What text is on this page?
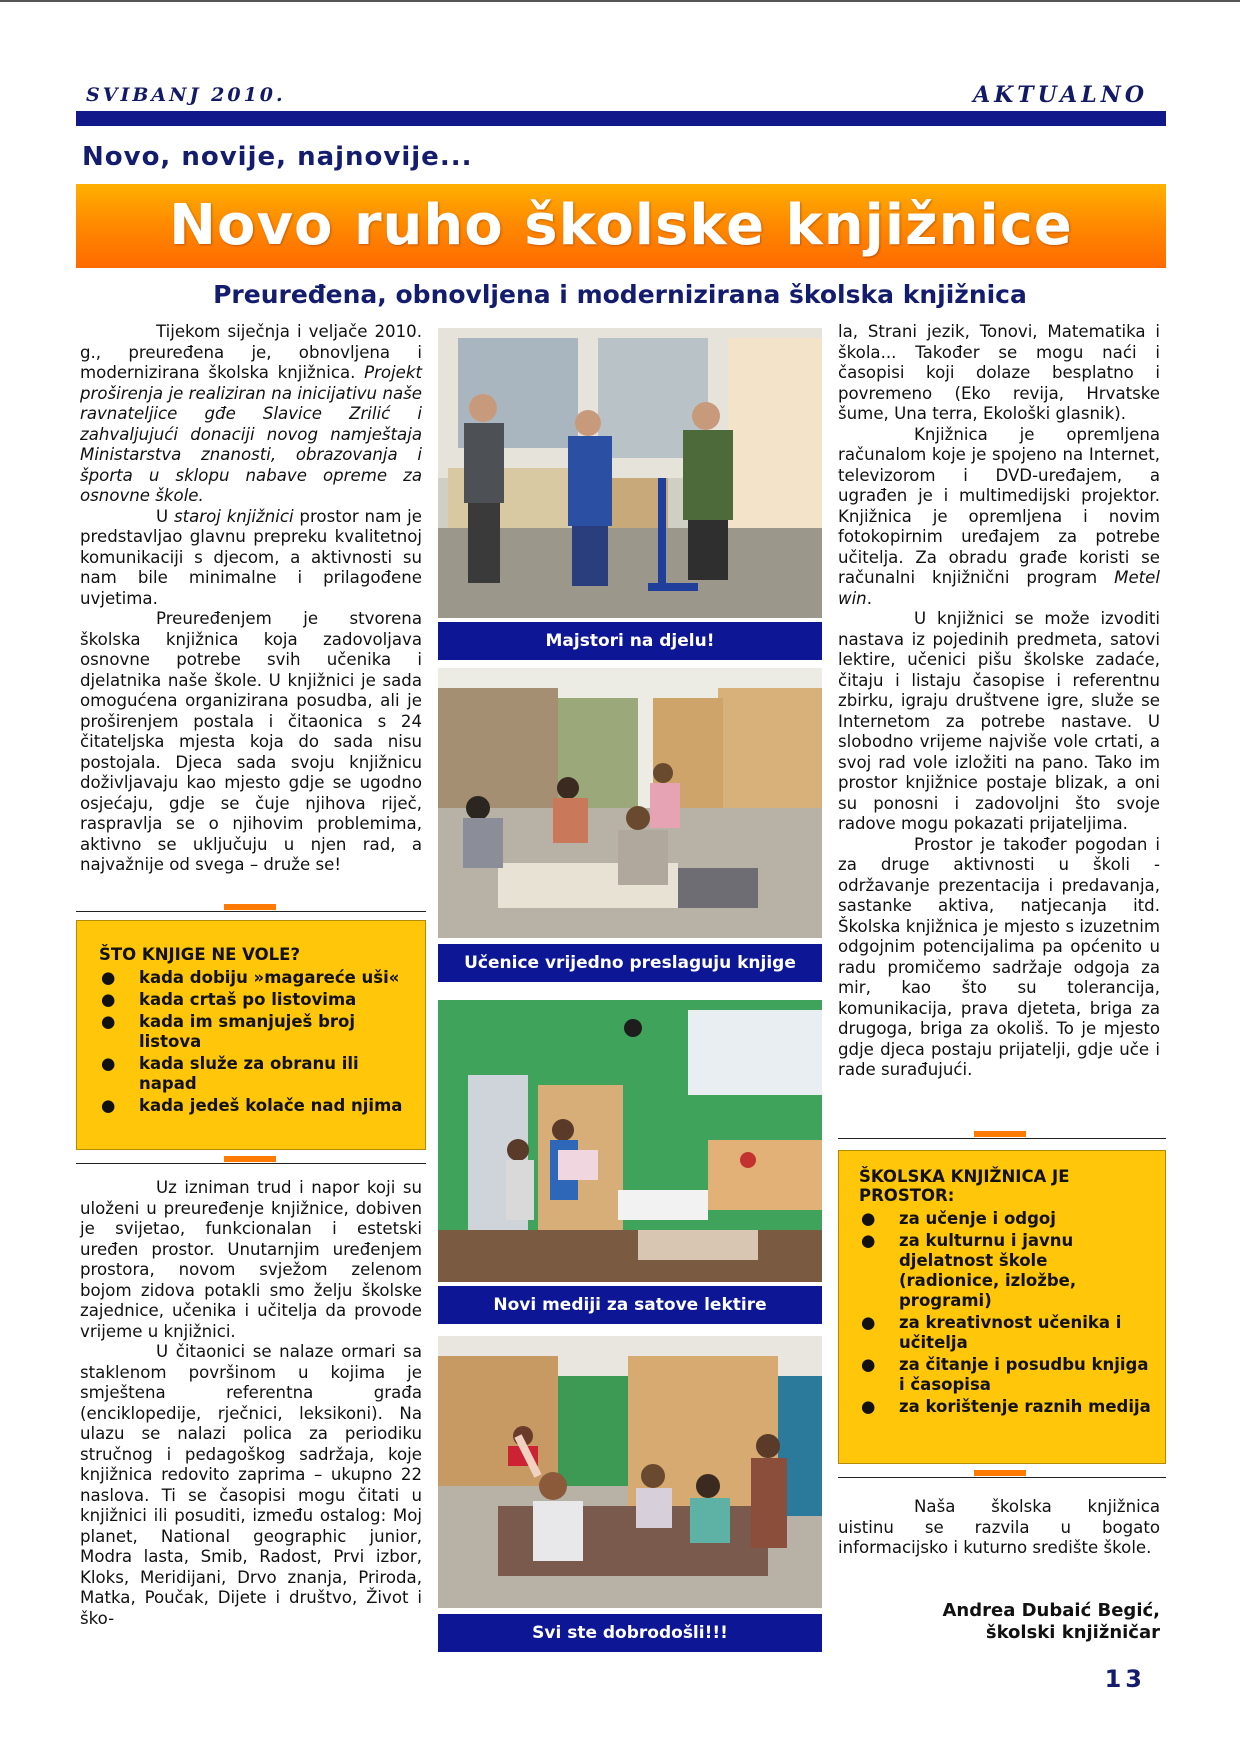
SVIBANJ 2010.	AKTUALNO
Novo, novije, najnovije...
Novo ruho školske knjižnice
Preuređena, obnovljena i modernizirana školska knjižnica

Tijekom siječnja i veljače 2010. g., preuređena je, obnovljena i modernizirana školska knjižnica. Projekt proširenja je realiziran na inicijativu naše ravnateljice gđe Slavice Zrilić i zahvaljujući donaciji novog namještaja Ministarstva znanosti, obrazovanja i športa u sklopu nabave opreme za osnovne škole.

U staroj knjižnici prostor nam je predstavljao glavnu prepreku kvalitetnoj komunikaciji s djecom, a aktivnosti su nam bile minimalne i prilagođene uvjetima.

Preuređenjem je stvorena školska knjižnica koja zadovoljava osnovne potrebe svih učenika i djelatnika naše škole. U knjižnici je sada omogućena organizirana posudba, ali je proširenjem postala i čitaonica s 24 čitateljska mjesta koja do sada nisu postojala. Djeca sada svoju knjižnicu doživljavaju kao mjesto gdje se ugodno osjećaju, gdje se čuje njihova riječ, raspravlja se o njihovim problemima, aktivno se uključuju u njen rad, a najvažnije od svega – druže se!

ŠTO KNJIGE NE VOLE?
● kada dobiju »magareće uši«
● kada crtaš po listovima
● kada im smanjuješ broj listova
● kada služe za obranu ili napad
● kada jedeš kolače nad njima

Uz izniman trud i napor koji su uloženi u preuređenje knjižnice, dobiven je svijetao, funkcionalan i estetski uređen prostor. Unutarnjim uređenjem prostora, novom svježom zelenom bojom zidova potakli smo želju školske zajednice, učenika i učitelja da provode vrijeme u knjižnici.

U čitaonici se nalaze ormari sa staklenom površinom u kojima je smještena referentna građa (enciklopedije, rječnici, leksikoni). Na ulazu se nalazi polica za periodiku stručnog i pedagoškog sadržaja, koje knjižnica redovito zaprima – ukupno 22 naslova. Ti se časopisi mogu čitati u knjižnici ili posuditi, između ostalog: Moj planet, National geographic junior, Modra lasta, Smib, Radost, Prvi izbor, Kloks, Meridijani, Drvo znanja, Priroda, Matka, Poučak, Dijete i društvo, Život i ško-

Majstori na djelu!
Učenice vrijedno preslaguju knjige
Novi mediji za satove lektire
Svi ste dobrodošli!!!

la, Strani jezik, Tonovi, Matematika i škola... Također se mogu naći i časopisi koji dolaze besplatno i povremeno (Eko revija, Hrvatske šume, Una terra, Ekološki glasnik).

Knjižnica je opremljena računalom koje je spojeno na Internet, televizorom i DVD-uređajem, a ugrađen je i multimedijski projektor. Knjižnica je opremljena i novim fotokopirnim uređajem za potrebe učitelja. Za obradu građe koristi se računalni knjižnični program Metel win.

U knjižnici se može izvoditi nastava iz pojedinih predmeta, satovi lektire, učenici pišu školske zadaće, čitaju i listaju časopise i referentnu zbirku, igraju društvene igre, služe se Internetom za potrebe nastave. U slobodno vrijeme najviše vole crtati, a svoj rad vole izložiti na pano. Tako im prostor knjižnice postaje blizak, a oni su ponosni i zadovoljni što svoje radove mogu pokazati prijateljima.

Prostor je također pogodan i za druge aktivnosti u školi - održavanje prezentacija i predavanja, sastanke aktiva, natjecanja itd. Školska knjižnica je mjesto s izuzetnim odgojnim potencijalima pa općenito u radu promičemo sadržaje odgoja za mir, kao što su tolerancija, komunikacija, prava djeteta, briga za drugoga, briga za okoliš. To je mjesto gdje djeca postaju prijatelji, gdje uče i rade surađujući.

ŠKOLSKA KNJIŽNICA JE PROSTOR:
● za učenje i odgoj
● za kulturnu i javnu djelatnost škole (radionice, izložbe, programi)
● za kreativnost učenika i učitelja
● za čitanje i posudbu knjiga i časopisa
● za korištenje raznih medija

Naša školska knjižnica uistinu se razvila u bogato informacijsko i kuturno središte škole.

Andrea Dubaić Begić,
školski knjižničar
13
